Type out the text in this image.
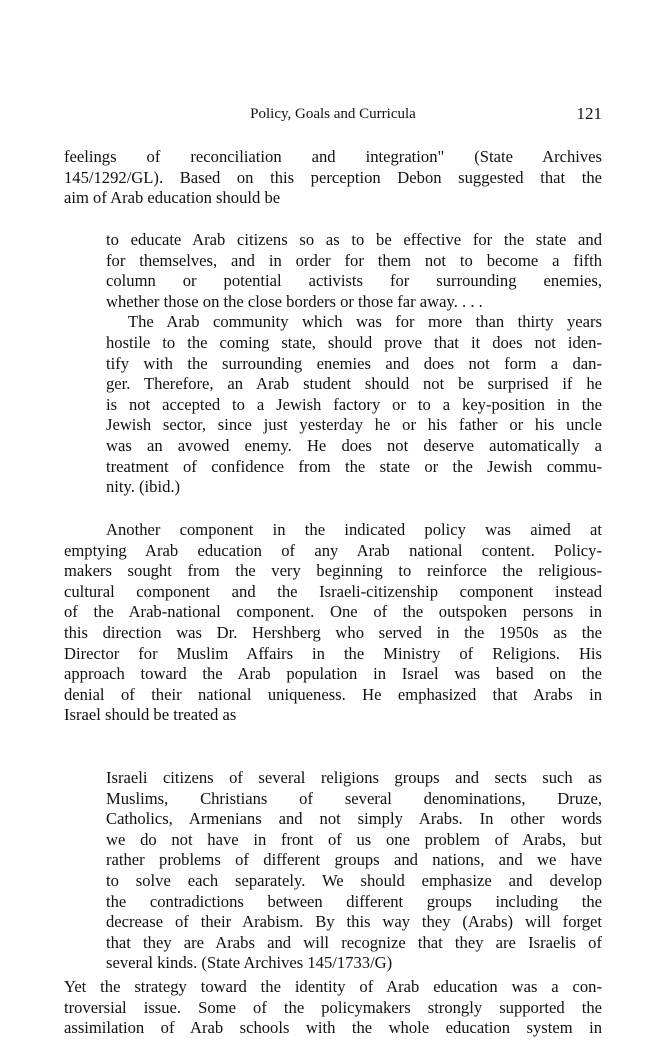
Policy, Goals and Curricula	121
feelings of reconciliation and integration" (State Archives
145/1292/GL). Based on this perception Debon suggested that the
aim of Arab education should be
to educate Arab citizens so as to be effective for the state and
for themselves, and in order for them not to become a fifth
column or potential activists for surrounding enemies,
whether those on the close borders or those far away. . . .
The Arab community which was for more than thirty years
hostile to the coming state, should prove that it does not iden-
tify with the surrounding enemies and does not form a dan-
ger. Therefore, an Arab student should not be surprised if he
is not accepted to a Jewish factory or to a key-position in the
Jewish sector, since just yesterday he or his father or his uncle
was an avowed enemy. He does not deserve automatically a
treatment of confidence from the state or the Jewish commu-
nity. (ibid.)
Another component in the indicated policy was aimed at
emptying Arab education of any Arab national content. Policy-
makers sought from the very beginning to reinforce the religious-
cultural component and the Israeli-citizenship component instead
of the Arab-national component. One of the outspoken persons in
this direction was Dr. Hershberg who served in the 1950s as the
Director for Muslim Affairs in the Ministry of Religions. His
approach toward the Arab population in Israel was based on the
denial of their national uniqueness. He emphasized that Arabs in
Israel should be treated as
Israeli citizens of several religions groups and sects such as
Muslims, Christians of several denominations, Druze,
Catholics, Armenians and not simply Arabs. In other words
we do not have in front of us one problem of Arabs, but
rather problems of different groups and nations, and we have
to solve each separately. We should emphasize and develop
the contradictions between different groups including the
decrease of their Arabism. By this way they (Arabs) will forget
that they are Arabs and will recognize that they are Israelis of
several kinds. (State Archives 145/1733/G)
Yet the strategy toward the identity of Arab education was a con-
troversial issue. Some of the policymakers strongly supported the
assimilation of Arab schools with the whole education system in
